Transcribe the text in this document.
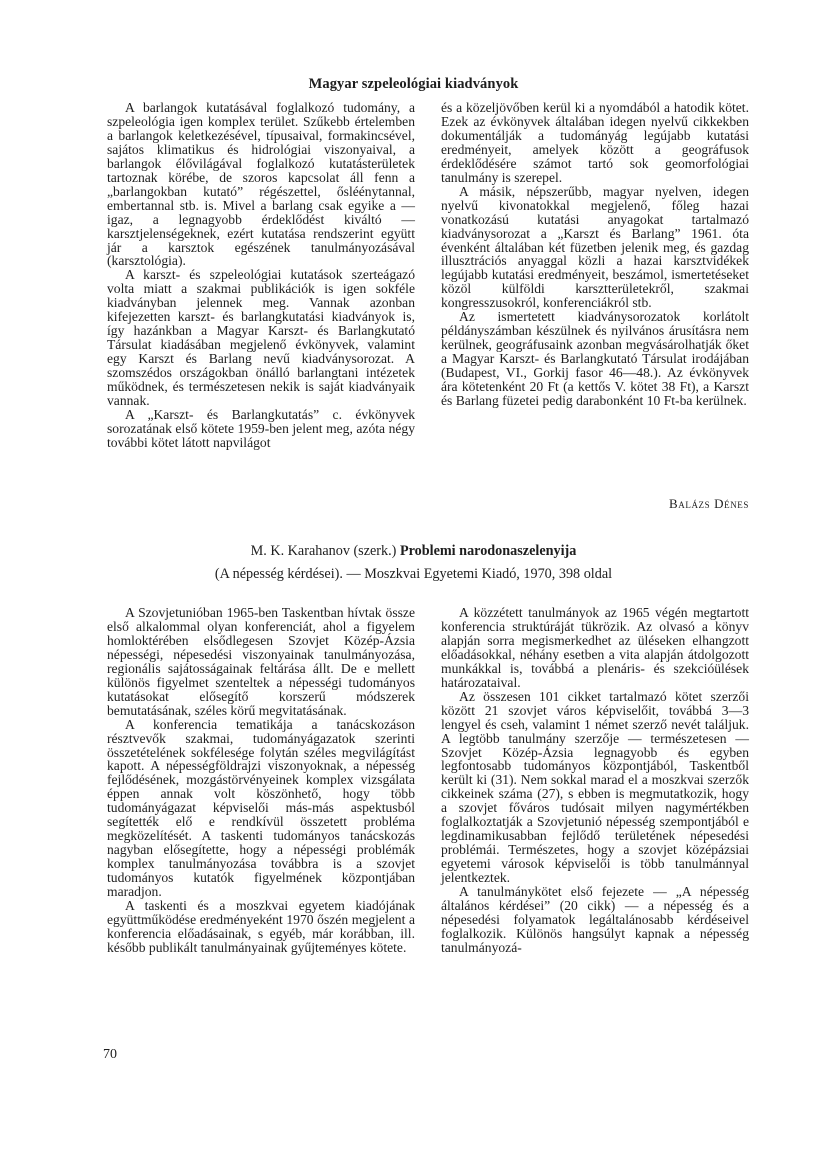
Magyar szpeleológiai kiadványok

A barlangok kutatásával foglalkozó tudomány, a szpeleológia igen komplex terület. Szűkebb értelemben a barlangok keletkezésével, típusaival, formakincsével, sajátos klimatikus és hidrológiai viszonyaival, a barlangok élővilágával foglalkozó kutatásterületek tartoznak körébe, de szoros kapcsolat áll fenn a „barlangokban kutató” régészettel, ősléénytannal, embertannal stb. is. Mivel a barlang csak egyike a — igaz, a legnagyobb érdeklődést kiváltó — karsztjelenségeknek, ezért kutatása rendszerint együtt jár a karsztok egészének tanulmányozásával (karsztológia).

A karszt- és szpeleológiai kutatások szerteágazó volta miatt a szakmai publikációk is igen sokféle kiadványban jelennek meg. Vannak azonban kifejezetten karszt- és barlangkutatási kiadványok is, így hazánkban a Magyar Karszt- és Barlangkutató Társulat kiadásában megjelenő évkönyvek, valamint egy Karszt és Barlang nevű kiadványsorozat. A szomszédos országokban önálló barlangtani intézetek működnek, és természetesen nekik is saját kiadványaik vannak.

A „Karszt- és Barlangkutatás” c. évkönyvek sorozatának első kötete 1959-ben jelent meg, azóta négy további kötet látott napvilágot

és a közeljövőben kerül ki a nyomdából a hatodik kötet. Ezek az évkönyvek általában idegen nyelvű cikkekben dokumentálják a tudományág legújabb kutatási eredményeit, amelyek között a geográfusok érdeklődésére számot tartó sok geomorfológiai tanulmány is szerepel.

A másik, népszerűbb, magyar nyelven, idegen nyelvű kivonatokkal megjelenő, főleg hazai vonatkozású kutatási anyagokat tartalmazó kiadványsorozat a „Karszt és Barlang” 1961. óta évenként általában két füzetben jelenik meg, és gazdag illusztrációs anyaggal közli a hazai karsztvidékek legújabb kutatási eredményeit, beszámol, ismertetéseket közöl külföldi karsztterületekről, szakmai kongresszusokról, konferenciákról stb.

Az ismertetett kiadványsorozatok korlátolt példányszámban készülnek és nyilvános árusításra nem kerülnek, geográfusaink azonban megvásárolhatják őket a Magyar Karszt- és Barlangkutató Társulat irodájában (Budapest, VI., Gorkij fasor 46—48.). Az évkönyvek ára kötetenként 20 Ft (a kettős V. kötet 38 Ft), a Karszt és Barlang füzetei pedig darabonként 10 Ft-ba kerülnek.

Balázs Dénes
M. K. Karahanov (szerk.) Problemi narodonaszelenyija
(A népesség kérdései). — Moszkvai Egyetemi Kiadó, 1970, 398 oldal

A Szovjetunióban 1965-ben Taskentban hívtak össze első alkalommal olyan konferenciát, ahol a figyelem homloktérében elsődlegesen Szovjet Közép-Ázsia népességi, népesedési viszonyainak tanulmányozása, regionális sajátosságainak feltárása állt. De e mellett különös figyelmet szenteltek a népességi tudományos kutatásokat elősegítő korszerű módszerek bemutatásának, széles körű megvitatásának.

A konferencia tematikája a tanácskozáson résztvevők szakmai, tudományágazatok szerinti összetételének sokfélesége folytán széles megvilágítást kapott. A népességföldrajzi viszonyoknak, a népesség fejlődésének, mozgástörvényeinek komplex vizsgálata éppen annak volt köszönhető, hogy több tudományágazat képviselői más-más aspektusból segítették elő e rendkívül összetett probléma megközelítését. A taskenti tudományos tanácskozás nagyban elősegítette, hogy a népességi problémák komplex tanulmányozása továbbra is a szovjet tudományos kutatók figyelmének központjában maradjon.

A taskenti és a moszkvai egyetem kiadójának együttműködése eredményeként 1970 őszén megjelent a konferencia előadásainak, s egyéb, már korábban, ill. később publikált tanulmányainak gyűjteményes kötete.

A közzétett tanulmányok az 1965 végén megtartott konferencia struktúráját tükrözik. Az olvasó a könyv alapján sorra megismerkedhet az üléseken elhangzott előadásokkal, néhány esetben a vita alapján átdolgozott munkákkal is, továbbá a plenáris- és szekcióülések határozataival.

Az összesen 101 cikket tartalmazó kötet szerzői között 21 szovjet város képviselőit, továbbá 3—3 lengyel és cseh, valamint 1 német szerző nevét találjuk. A legtöbb tanulmány szerzője — természetesen — Szovjet Közép-Ázsia legnagyobb és egyben legfontosabb tudományos központjából, Taskentből került ki (31). Nem sokkal marad el a moszkvai szerzők cikkeinek száma (27), s ebben is megmutatkozik, hogy a szovjet főváros tudósait milyen nagymértékben foglalkoztatják a Szovjetunió népesség szempontjából e legdinamikusabban fejlődő területének népesedési problémái. Természetes, hogy a szovjet középázsiai egyetemi városok képviselői is több tanulmánnyal jelentkeztek.

A tanulmánykötet első fejezete — „A népesség általános kérdései” (20 cikk) — a népesség és a népesedési folyamatok legáltalánosabb kérdéseivel foglalkozik. Különös hangsúlyt kapnak a népesség tanulmányozá-

70
